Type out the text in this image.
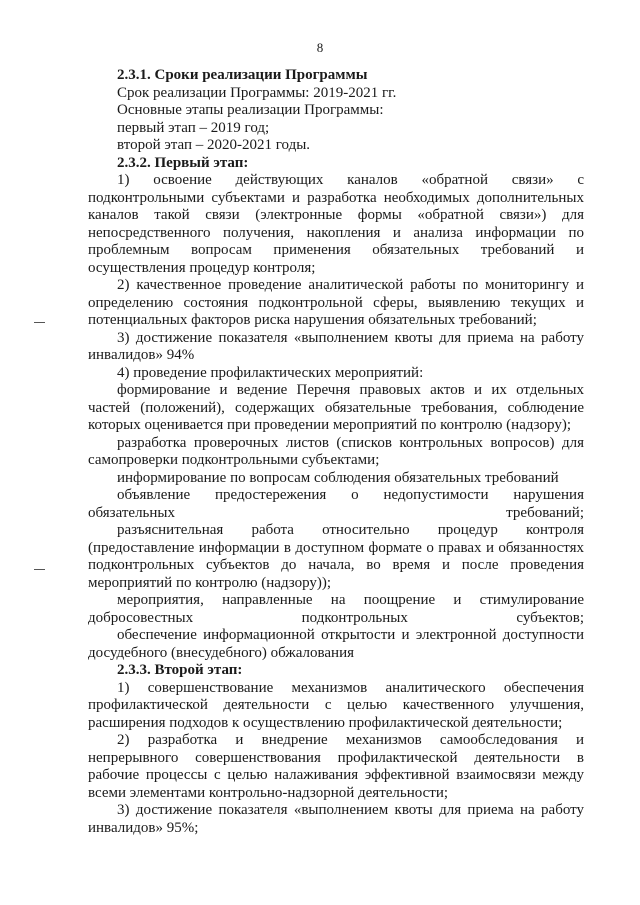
8

2.3.1. Сроки реализации Программы

Срок реализации Программы: 2019-2021 гг.

Основные этапы реализации Программы:

первый этап – 2019 год;

второй этап – 2020-2021 годы.

2.3.2. Первый этап:

1) освоение действующих каналов «обратной связи» с подконтрольными субъектами и разработка необходимых дополнительных каналов такой связи (электронные формы «обратной связи») для непосредственного получения, накопления и анализа информации по проблемным вопросам применения обязательных требований и осуществления процедур контроля;

2) качественное проведение аналитической работы по мониторингу и определению состояния подконтрольной сферы, выявлению текущих и потенциальных факторов риска нарушения обязательных требований;

3) достижение показателя «выполнением квоты для приема на работу инвалидов» 94%

4) проведение профилактических мероприятий:

формирование и ведение Перечня правовых актов и их отдельных частей (положений), содержащих обязательные требования, соблюдение которых оценивается при проведении мероприятий по контролю (надзору);

разработка проверочных листов (списков контрольных вопросов) для самопроверки подконтрольными субъектами;

информирование по вопросам соблюдения обязательных требований

объявление предостережения о недопустимости нарушения обязательных требований;

разъяснительная работа относительно процедур контроля (предоставление информации в доступном формате о правах и обязанностях подконтрольных субъектов до начала, во время и после проведения мероприятий по контролю (надзору));

мероприятия, направленные на поощрение и стимулирование добросовестных подконтрольных субъектов;

обеспечение информационной открытости и электронной доступности досудебного (внесудебного) обжалования

2.3.3. Второй этап:

1) совершенствование механизмов аналитического обеспечения профилактической деятельности с целью качественного улучшения, расширения подходов к осуществлению профилактической деятельности;

2) разработка и внедрение механизмов самообследования и непрерывного совершенствования профилактической деятельности в рабочие процессы с целью налаживания эффективной взаимосвязи между всеми элементами контрольно-надзорной деятельности;

3) достижение показателя «выполнением квоты для приема на работу инвалидов» 95%;
